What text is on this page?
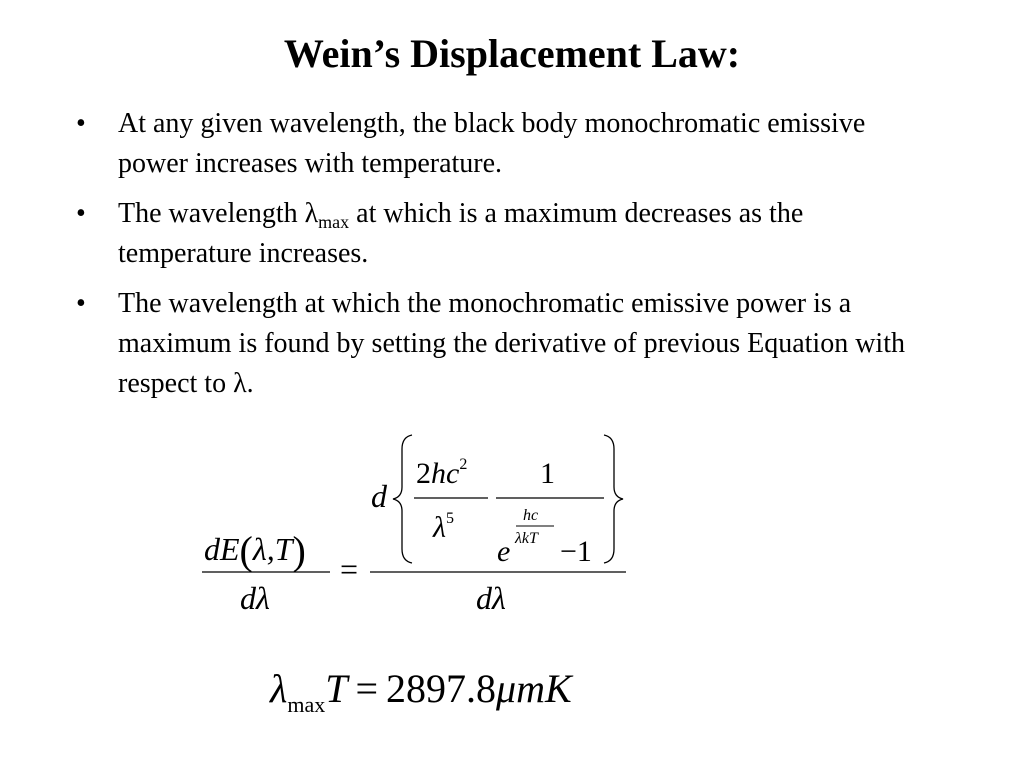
Wein’s Displacement Law:
• At any given wavelength, the black body monochromatic emissive power increases with temperature.
• The wavelength $\lambda_{max}$ at which is a maximum decreases as the temperature increases.
• The wavelength at which the monochromatic emissive power is a maximum is found by setting the derivative of previous Equation with respect to λ.
dE(λ,T)
dλ
=
dλ
d
$2hc^2$
$\lambda^5$
1
e
hc
λkT −1
$\lambda_{max}T = 2897.8\mu mK$
